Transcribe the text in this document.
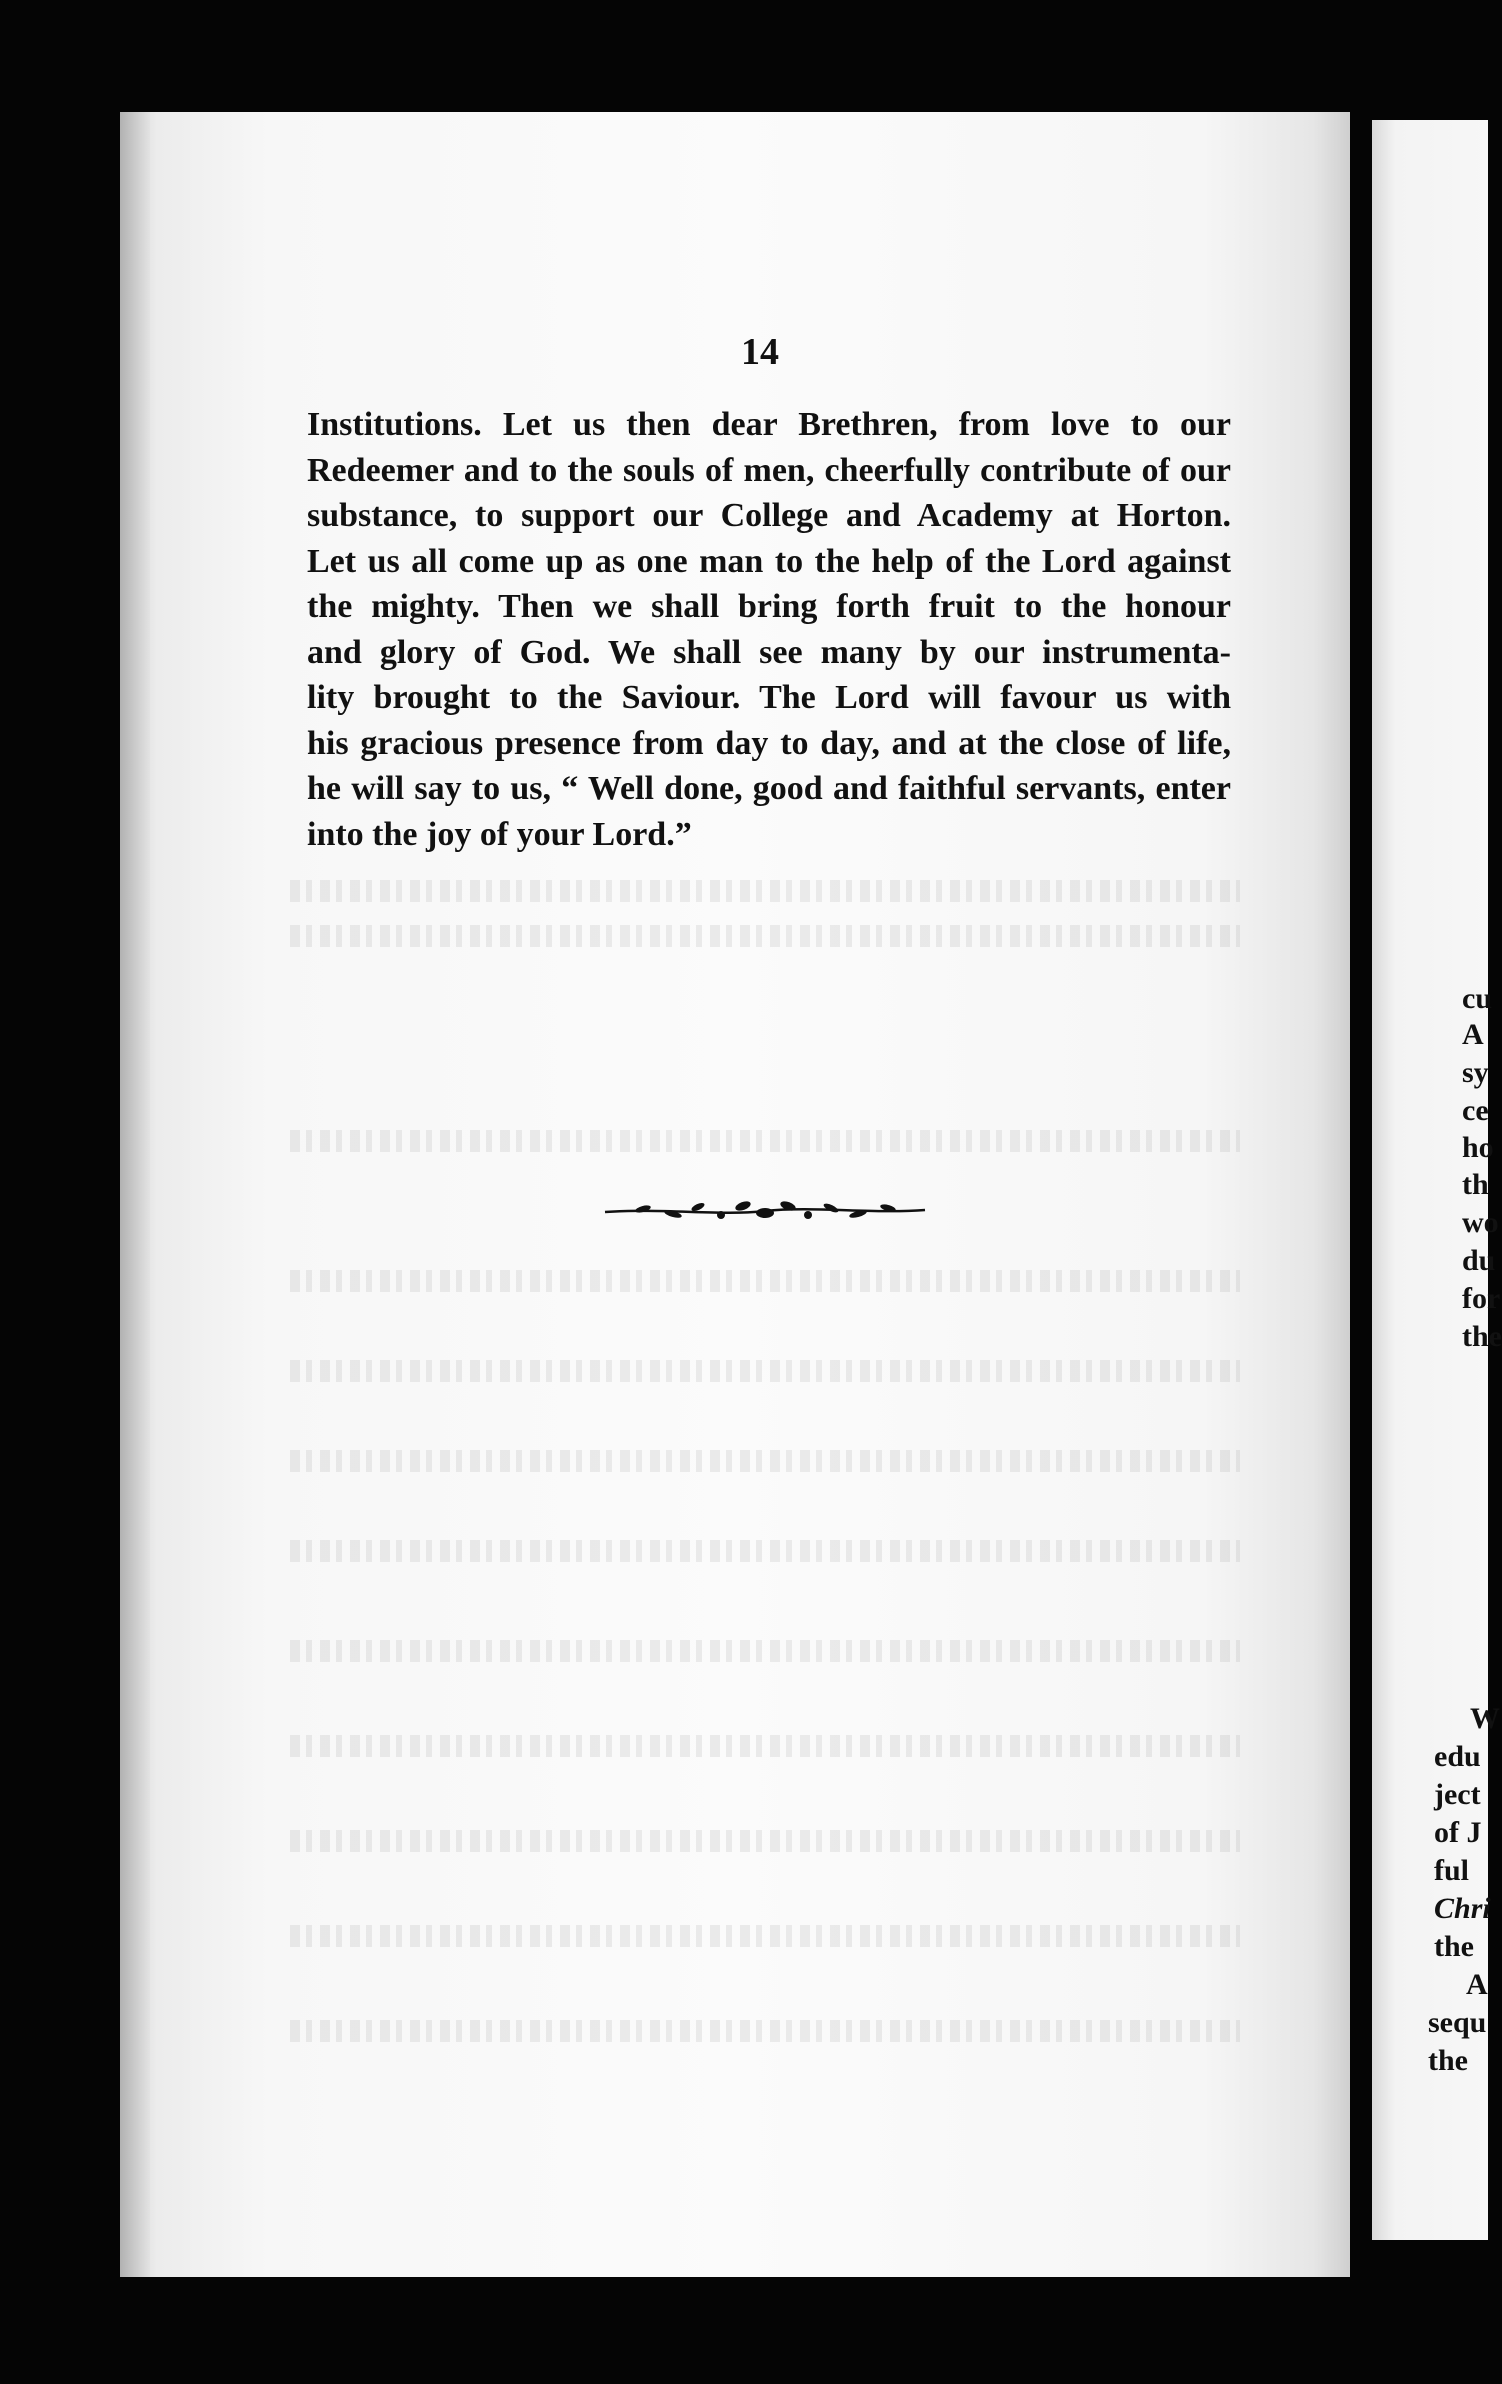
14
Institutions. Let us then dear Brethren, from love to our
Redeemer and to the souls of men, cheerfully contribute of our
substance, to support our College and Academy at Horton.
Let us all come up as one man to the help of the Lord against
the mighty. Then we shall bring forth fruit to the honour
and glory of God. We shall see many by our instrumenta-
lity brought to the Saviour. The Lord will favour us with
his gracious presence from day to day, and at the close of life,
he will say to us, “ Well done, good and faithful servants, enter
into the joy of your Lord.”
cu
A
sy
ce
ho
th
wo
du
for
the
W
edu
ject
of J
ful
Chri
the
A
sequ
the
